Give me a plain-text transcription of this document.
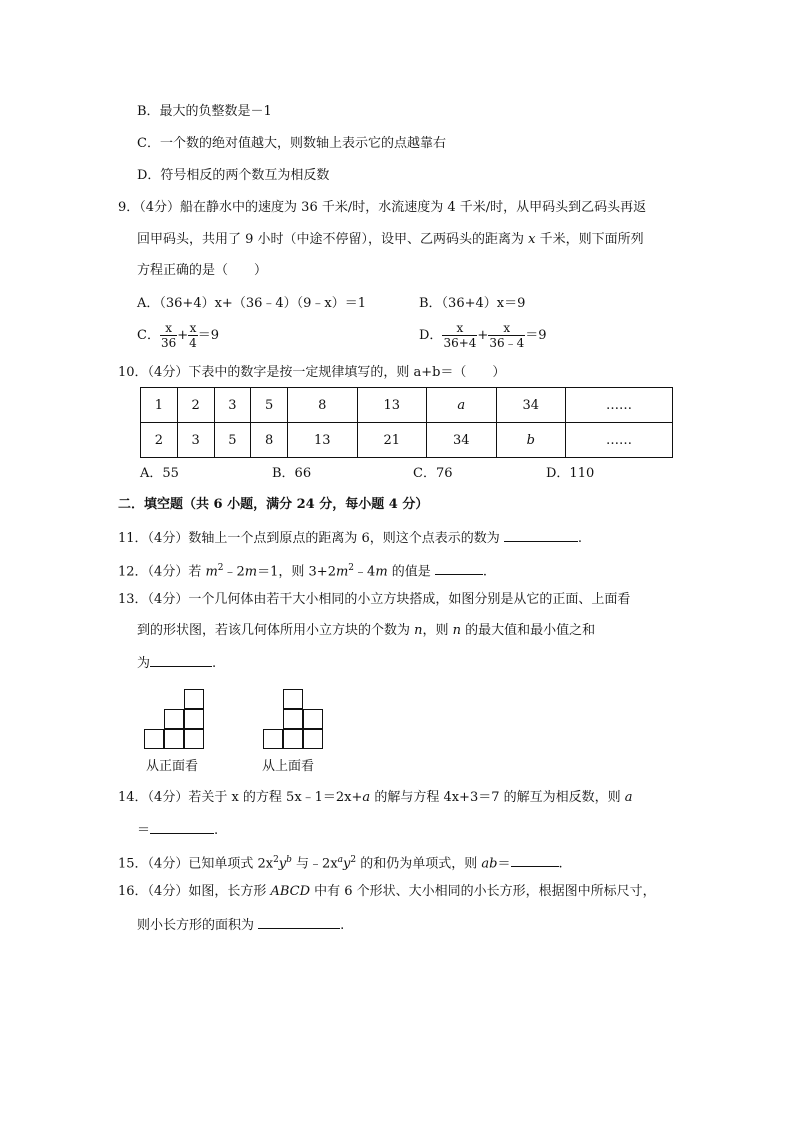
B．最大的负整数是－1
C．一个数的绝对值越大，则数轴上表示它的点越靠右
D．符号相反的两个数互为相反数
9．（4分）船在静水中的速度为 36 千米/时，水流速度为 4 千米/时，从甲码头到乙码头再返
回甲码头，共用了 9 小时（中途不停留），设甲、乙两码头的距离为 x 千米，则下面所列
方程正确的是（　　）
A．（36+4）x+（36﹣4）（9﹣x）＝1	B．（36+4）x＝9
C． $\frac{x}{36} + \frac{x}{4} =9$	D． $\frac{x}{36+4} + \frac{x}{36﹣4} =9$
10．（4分）下表中的数字是按一定规律填写的，则 a+b＝（　　）
1	2	3	5	8	13	a	34	……
2	3	5	8	13	21	34	b	……
A．55	B．66	C．76	D．110
二．填空题（共 6 小题，满分 24 分，每小题 4 分）
11．（4分）数轴上一个点到原点的距离为 6，则这个点表示的数为	.
12．（4分）若 $m^2﹣2m=1$，则 $3+2m^2﹣4m$ 的值是	.
13．（4分）一个几何体由若干大小相同的小立方块搭成，如图分别是从它的正面、上面看
到的形状图，若该几何体所用小立方块的个数为 n，则 n 的最大值和最小值之和
为	.
从正面看	从上面看
14．（4分）若关于 x 的方程 5x﹣1＝2x+a 的解与方程 4x+3＝7 的解互为相反数，则 a
＝	.
15．（4分）已知单项式 $2x^2y^b$ 与$﹣2x^ay^2$ 的和仍为单项式，则 ab＝	.
16．（4分）如图，长方形 ABCD 中有 6 个形状、大小相同的小长方形，根据图中所标尺寸，
则小长方形的面积为	.
